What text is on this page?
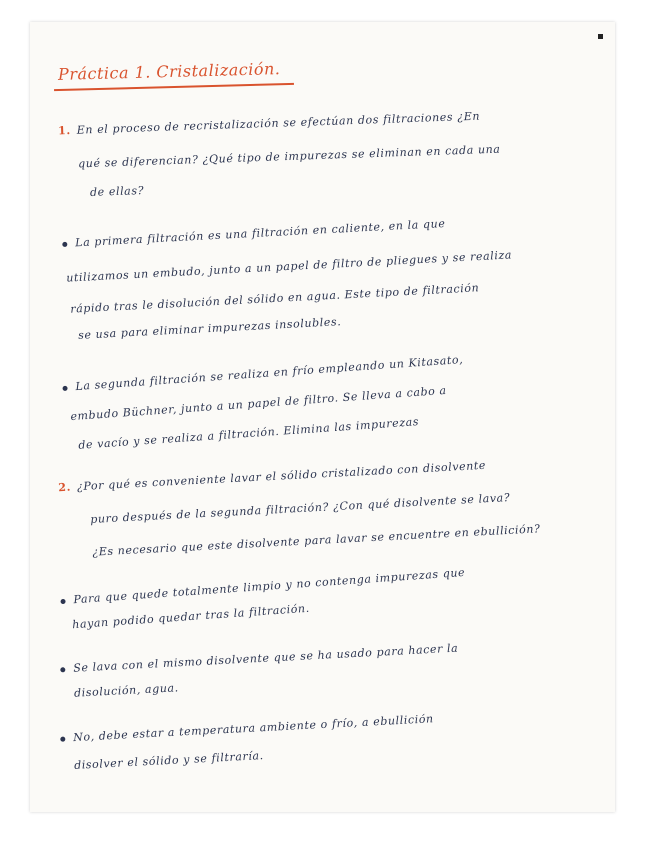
Práctica 1. Cristalización.
1. En el proceso de recristalización se efectúan dos filtraciones ¿En
qué se diferencian? ¿Qué tipo de impurezas se eliminan en cada una
de ellas?
La primera filtración es una filtración en caliente, en la que
utilizamos un embudo, junto a un papel de filtro de pliegues y se realiza
rápido tras le disolución del sólido en agua. Este tipo de filtración
se usa para eliminar impurezas insolubles.
La segunda filtración se realiza en frío empleando un Kitasato,
embudo Büchner, junto a un papel de filtro. Se lleva a cabo a
de vacío y se realiza a filtración. Elimina las impurezas
2. ¿Por qué es conveniente lavar el sólido cristalizado con disolvente
puro después de la segunda filtración? ¿Con qué disolvente se lava?
¿Es necesario que este disolvente para lavar se encuentre en ebullición?
Para que quede totalmente limpio y no contenga impurezas que
hayan podido quedar tras la filtración.
Se lava con el mismo disolvente que se ha usado para hacer la
disolución, agua.
No, debe estar a temperatura ambiente o frío, a ebullición
disolver el sólido y se filtraría.
